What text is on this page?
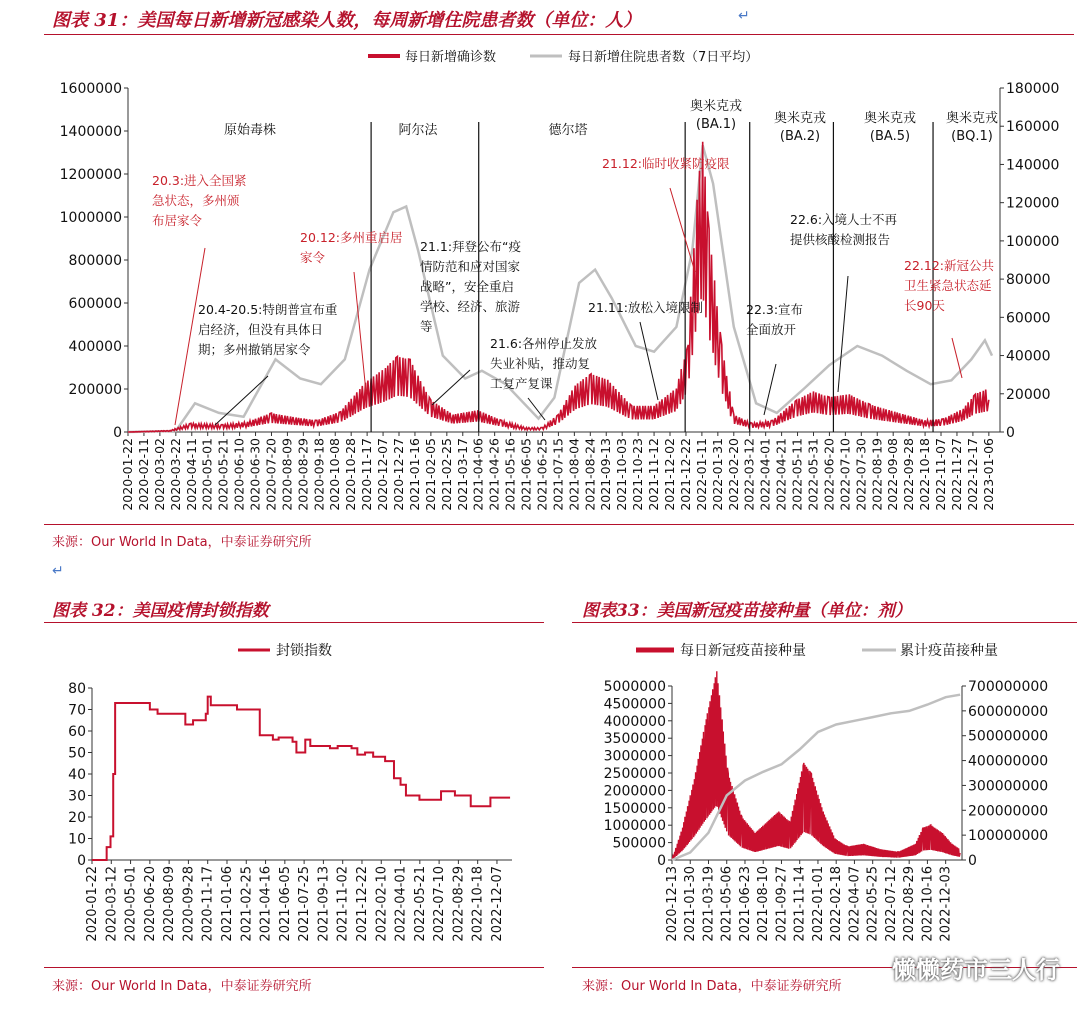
图表 31：美国每日新增新冠感染人数，每周新增住院患者数（单位：人）	↵
0
200000
400000
600000
800000
1000000
1200000
1400000
1600000
0
20000
40000
60000
80000
100000
120000
140000
160000
180000
2020-01-22 2020-02-11 2020-03-02 2020-03-22 2020-04-11 2020-05-01 2020-05-21 2020-06-10 2020-06-30 2020-07-20 2020-08-09 2020-08-29 2020-09-18 2020-10-08 2020-10-28 2020-11-17 2020-12-07 2020-12-27 2021-01-16 2021-02-05 2021-02-25 2021-03-17 2021-04-06 2021-04-26 2021-05-16 2021-06-05 2021-06-25 2021-07-15 2021-08-04 2021-08-24 2021-09-13 2021-10-03 2021-10-23 2021-11-12 2021-12-02 2021-12-22 2022-01-11 2022-01-31 2022-02-20 2022-03-12 2022-04-01 2022-04-21 2022-05-11 2022-05-31 2022-06-20 2022-07-10 2022-07-30 2022-08-19 2022-09-08 2022-09-28 2022-10-18 2022-11-07 2022-11-27 2022-12-17 2023-01-06
每日新增确诊数	每日新增住院患者数（7日平均）
原始毒株	阿尔法	德尔塔
奥米克戎
(BA.1)	奥米克戎
(BA.2)
奥米克戎
(BA.5)
奥米克戎
(BQ.1)
20.3:进入全国紧
急状态，多州颁
布居家令
20.12:多州重启居
家令
20.4-20.5:特朗普宣布重
启经济，但没有具体日
期；多州撤销居家令
21.1:拜登公布“疫
情防范和应对国家
战略”，安全重启
学校、经济、旅游
等
21.6:各州停止发放
失业补贴，推动复
工复产复课
21.11:放松入境限制
21.12:临时收紧防疫限
22.3:宣布
全面放开
22.6:入境人士不再
提供核酸检测报告
22.12:新冠公共
卫生紧急状态延
长90天
来源：Our World In Data，中泰证券研究所
↵
图表 32：美国疫情封锁指数
0
10
20
30
40
50
60
70
80
2020-01-22 2020-03-12 2020-05-01 2020-06-20 2020-08-09 2020-09-28 2020-11-17 2021-01-06 2021-02-25 2021-04-16 2021-06-05 2021-07-25 2021-09-13 2021-11-02 2021-12-22 2022-02-10 2022-04-01 2022-05-21 2022-07-10 2022-08-29 2022-10-18 2022-12-07
封锁指数
来源：Our World In Data，中泰证券研究所
图表33：美国新冠疫苗接种量（单位：剂）
0
500000
1000000
1500000
2000000
2500000
3000000
3500000
4000000
4500000
5000000
0
100000000
200000000
300000000
400000000
500000000
600000000
700000000
2020-12-13 2021-01-30 2021-03-19 2021-05-06 2021-06-23 2021-08-10 2021-09-27 2021-11-14 2022-01-01 2022-02-18 2022-04-07 2022-05-25 2022-07-12 2022-08-29 2022-10-16 2022-12-03
每日新冠疫苗接种量	累计疫苗接种量
来源：Our World In Data，中泰证券研究所
懒懒药市三人行
